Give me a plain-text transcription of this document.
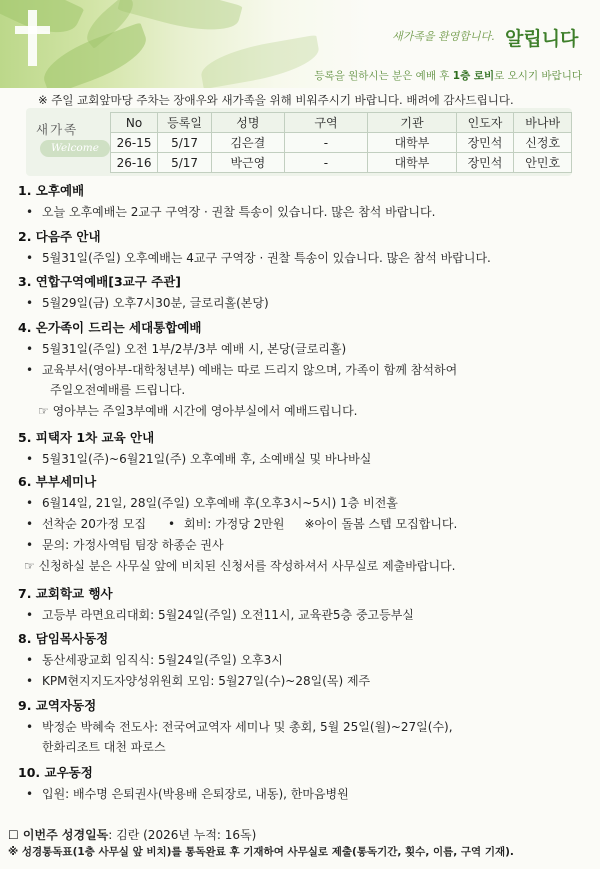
새가족을 환영합니다. 알립니다
등록을 원하시는 분은 예배 후 1층 로비로 오시기 바랍니다
※ 주일 교회앞마당 주차는 장애우와 새가족을 위해 비워주시기 바랍니다. 배려에 감사드립니다.
새가족
Welcome
No	등록일	성명	구역	기관	인도자	바나바
26-15	5/17	김은결	-	대학부	장민석	신정호
26-16	5/17	박근영	-	대학부	장민석	안민호
1. 오후예배
• 오늘 오후예배는 2교구 구역장 · 권찰 특송이 있습니다. 많은 참석 바랍니다.
2. 다음주 안내
• 5월31일(주일) 오후예배는 4교구 구역장 · 권찰 특송이 있습니다. 많은 참석 바랍니다.
3. 연합구역예배[3교구 주관]
• 5월29일(금) 오후7시30분, 글로리홀(본당)
4. 온가족이 드리는 세대통합예배
• 5월31일(주일) 오전 1부/2부/3부 예배 시, 본당(글로리홀)
• 교육부서(영아부-대학청년부) 예배는 따로 드리지 않으며, 가족이 함께 참석하여
주일오전예배를 드립니다.
☞ 영아부는 주일3부예배 시간에 영아부실에서 예배드립니다.
5. 피택자 1차 교육 안내
• 5월31일(주)~6월21일(주) 오후예배 후, 소예배실 및 바나바실
6. 부부세미나
• 6월14일, 21일, 28일(주일) 오후예배 후(오후3시~5시) 1층 비전홀
• 선착순 20가정 모집 • 회비: 가정당 2만원 ※아이 돌봄 스텝 모집합니다.
• 문의: 가정사역팀 팀장 하종순 권사
☞ 신청하실 분은 사무실 앞에 비치된 신청서를 작성하셔서 사무실로 제출바랍니다.
7. 교회학교 행사
• 고등부 라면요리대회: 5월24일(주일) 오전11시, 교육관5층 중고등부실
8. 담임목사동정
• 동산세광교회 임직식: 5월24일(주일) 오후3시
• KPM현지지도자양성위원회 모임: 5월27일(수)~28일(목) 제주
9. 교역자동정
• 박정순 박혜숙 전도사: 전국여교역자 세미나 및 총회, 5월 25일(월)~27일(수),
한화리조트 대천 파로스
10. 교우동정
• 입원: 배수명 은퇴권사(박용배 은퇴장로, 내동), 한마음병원
☐ 이번주 성경일독: 김란 (2026년 누적: 16독)
※ 성경통독표(1층 사무실 앞 비치)를 통독완료 후 기재하여 사무실로 제출(통독기간, 횟수, 이름, 구역 기재).
